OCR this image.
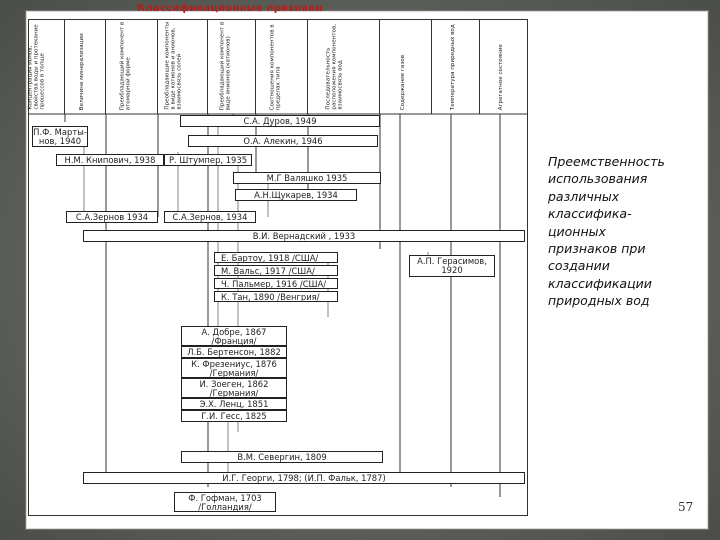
Классификационные признаки
Концентрация ионов, свойства воды и протекание процессов в толще	Величина минерализации	Преобладающий компонент в атомарной форме	Преобладающие компоненты в виде катионов и анионов, взаимосвязь солей	Преобладающий компонент в виде анионов (катионов)	Соотношения компонентов в пределах типа	Последовательность расположения компонентов, взаимосвязь вод	Содержание газов	Температура природных вод	Агрегатное состояние
С.А. Дуров, 1949
О.А. Алекин, 1946
П.Ф. Марты-
нов, 1940
Н.М. Книпович, 1938	Р. Штумпер, 1935
М.Г Валяшко 1935
А.Н.Щукарев, 1934
С.А.Зернов 1934	С.А.Зернов, 1934
В.И. Вернадский , 1933
Е. Бартоу, 1918 /США/
М. Вальс, 1917 /США/
Ч. Пальмер, 1916 /США/
К. Тан, 1890 /Венгрия/
А.П. Герасимов,
1920
А. Добре, 1867
/Франция/
Л.Б. Бертенсон, 1882
К. Фрезениус, 1876
/Германия/
И. Зоеген, 1862
/Германия/
Э.Х. Ленц, 1851
Г.И. Гесс, 1825
В.М. Севергин, 1809
И.Г. Георги, 1798; (И.П. Фальк, 1787)
Ф. Гофман, 1703
/Голландия/
Преемственность
использования
различных
классифика-
ционных
признаков при
создании
классификации
природных вод
57
